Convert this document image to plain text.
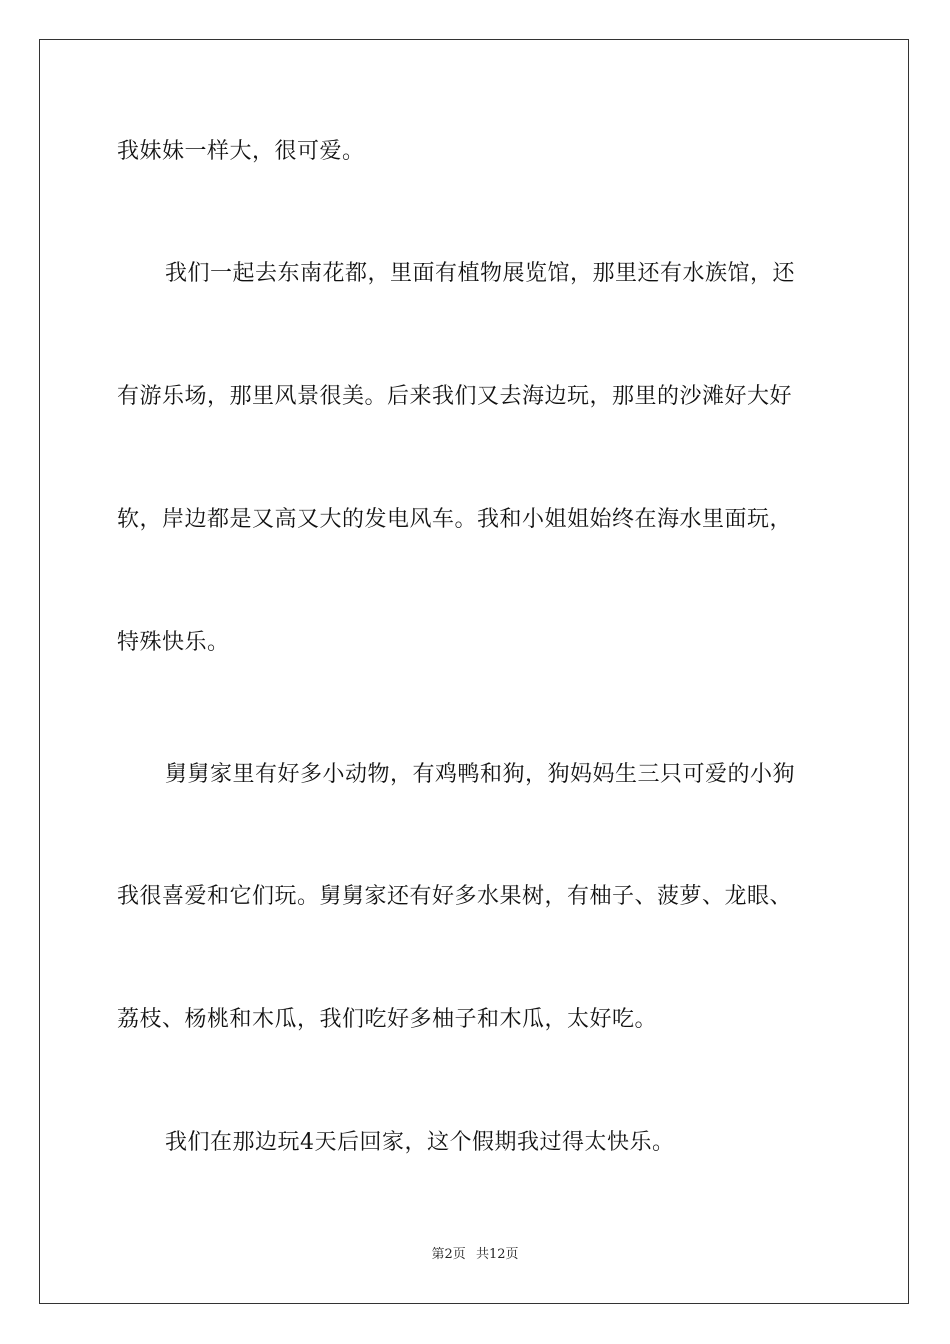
我妹妹一样大，很可爱。
我们一起去东南花都，里面有植物展览馆，那里还有水族馆，还
有游乐场，那里风景很美。后来我们又去海边玩，那里的沙滩好大好
软，岸边都是又高又大的发电风车。我和小姐姐始终在海水里面玩，
特殊快乐。
舅舅家里有好多小动物，有鸡鸭和狗，狗妈妈生三只可爱的小狗
我很喜爱和它们玩。舅舅家还有好多水果树，有柚子、菠萝、龙眼、
荔枝、杨桃和木瓜，我们吃好多柚子和木瓜，太好吃。
我们在那边玩4天后回家，这个假期我过得太快乐。
第2页 共12页
